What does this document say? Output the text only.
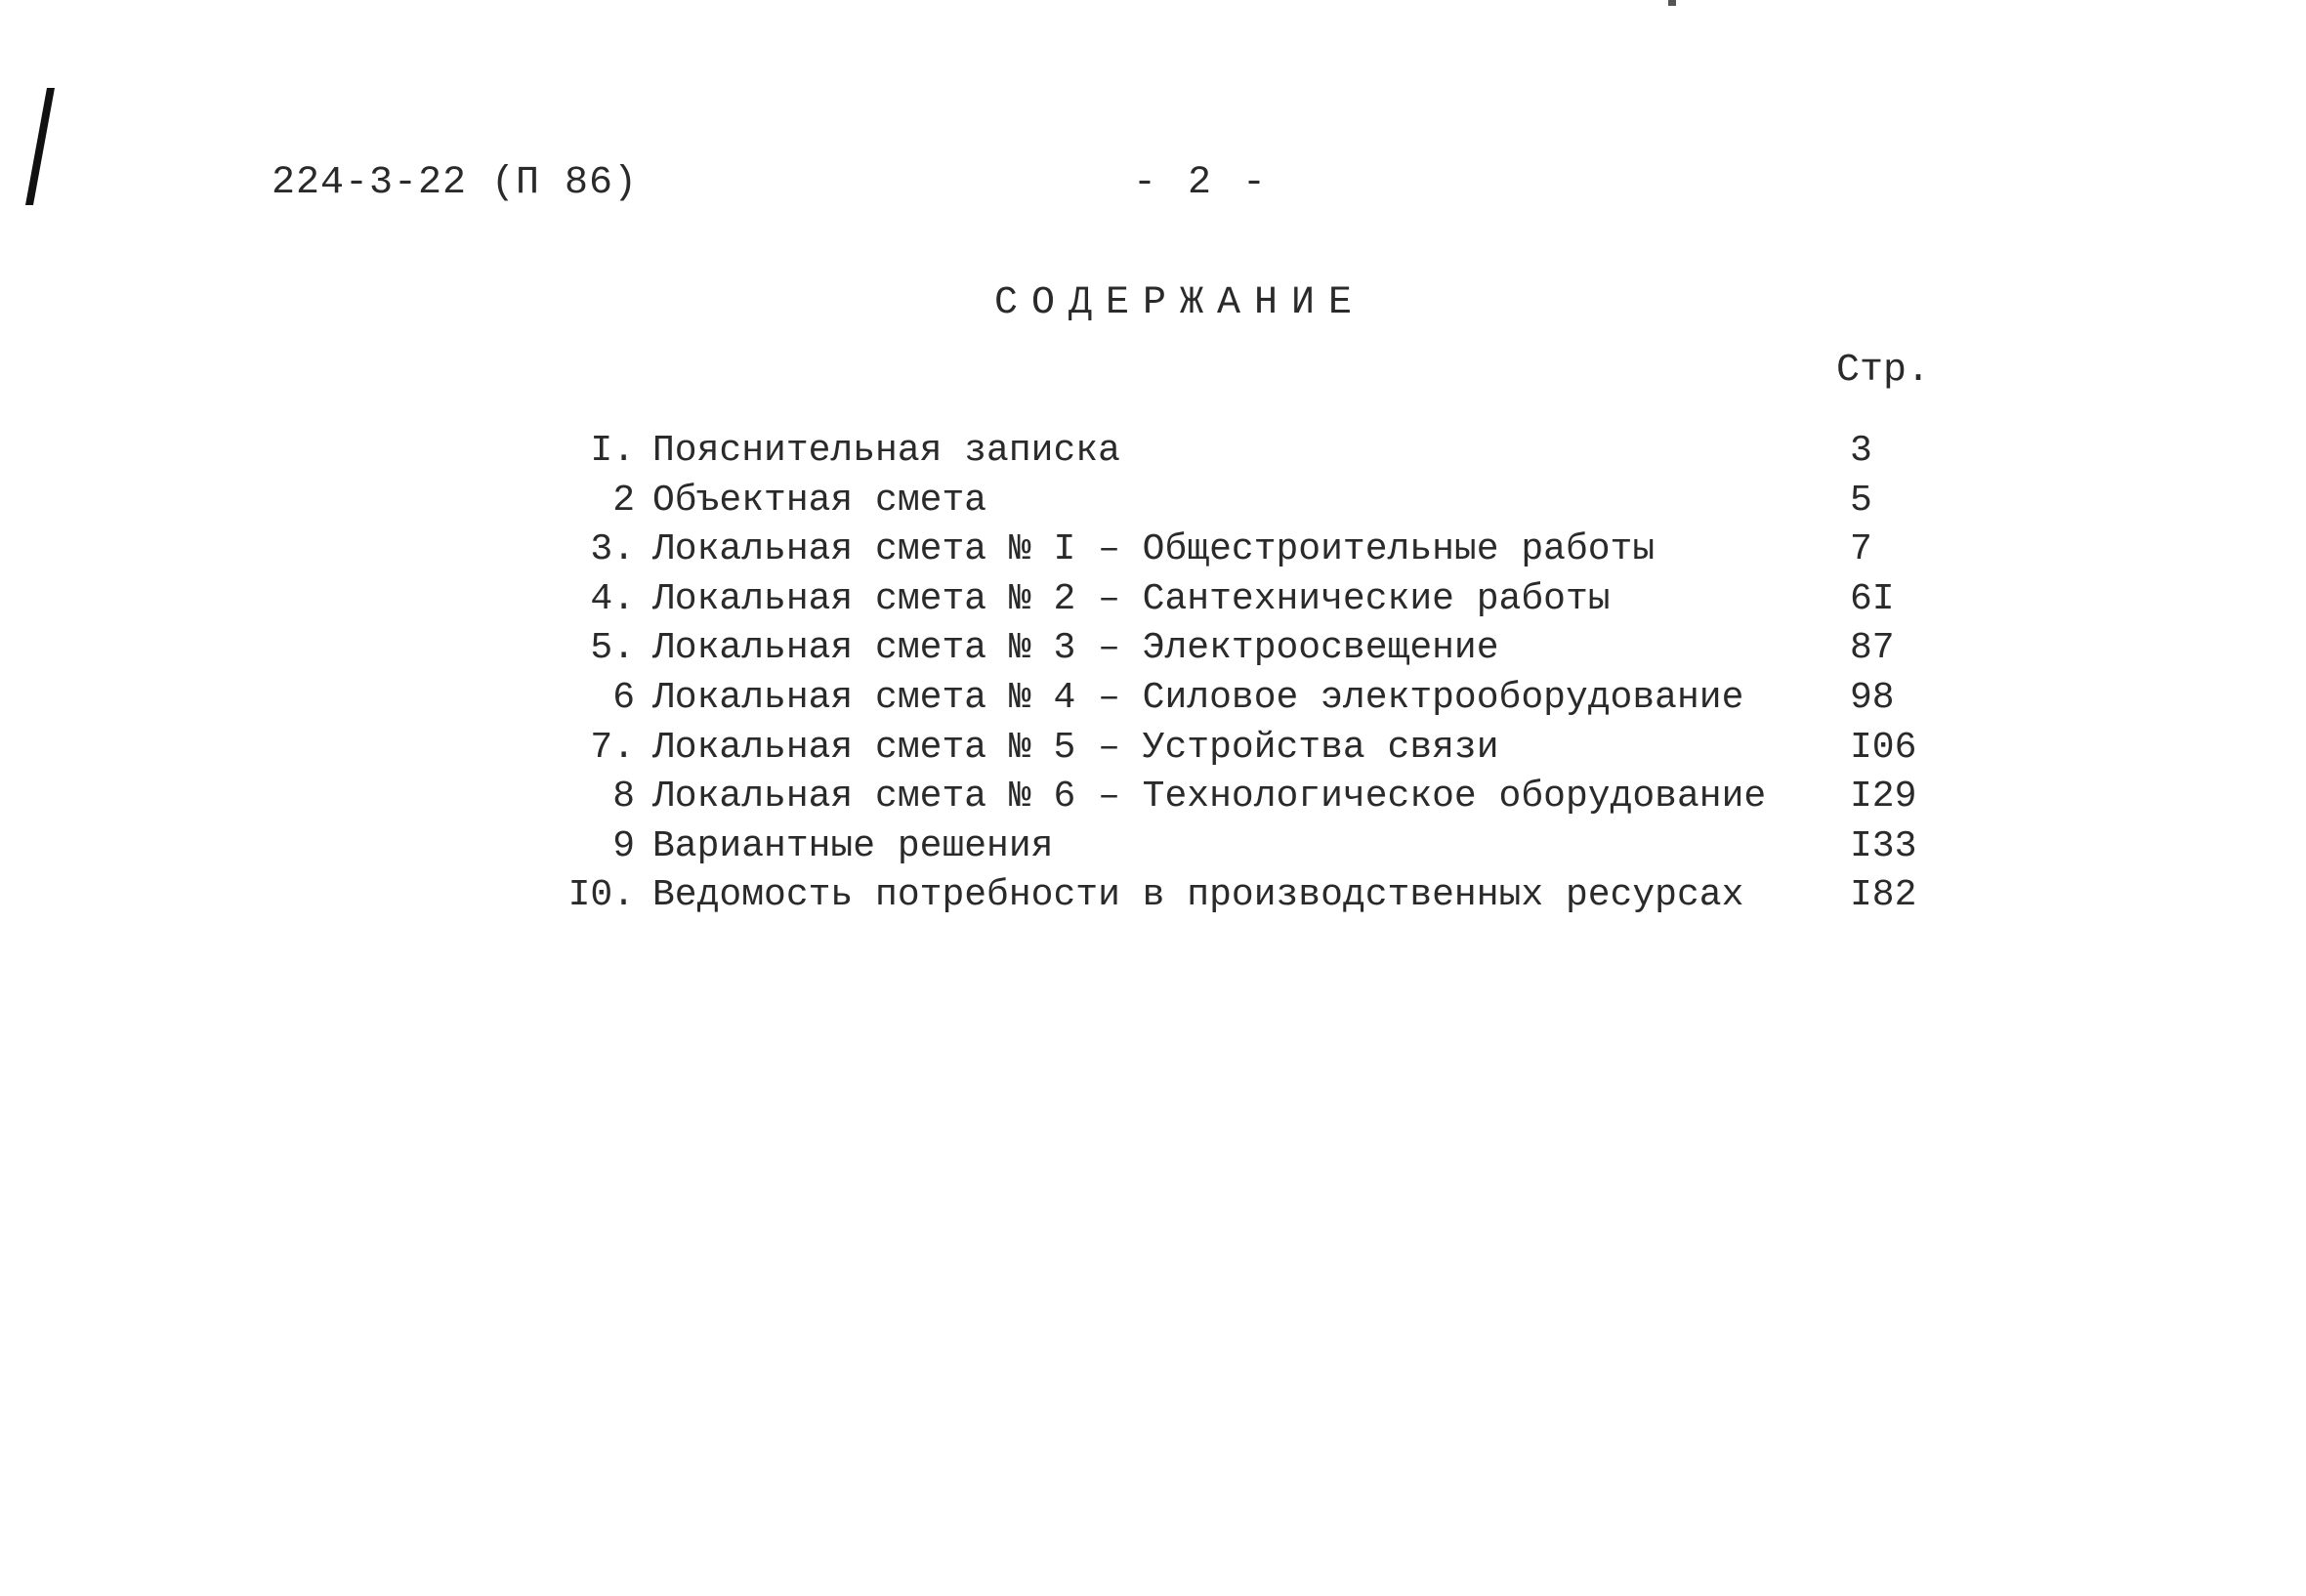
224-3-22 (П 86)	- 2 -
СОДЕРЖАНИЕ
Стр.
I. Пояснительная записка	3
2 Объектная смета	5
3. Локальная смета № I – Общестроительные работы	7
4. Локальная смета № 2 – Сантехнические работы	6I
5. Локальная смета № 3 – Электроосвещение	87
6 Локальная смета № 4 – Силовое электрооборудование	98
7. Локальная смета № 5 – Устройства связи	I06
8 Локальная смета № 6 – Технологическое оборудование I29
9 Вариантные решения	I33
I0. Ведомость потребности в производственных ресурсах	I82
